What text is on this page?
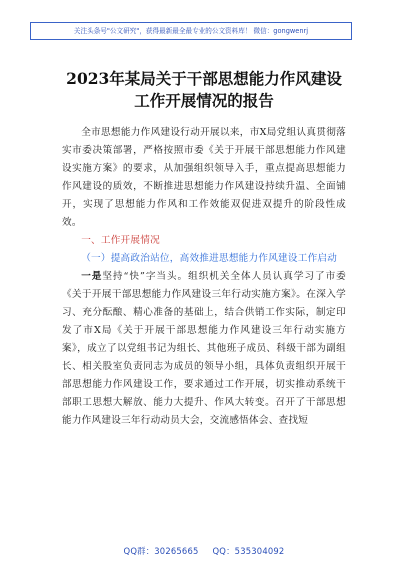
关注头条号"公文研究"，获得最新最全最专业的公文资料库！ 微信：gongwenrj
2023年某局关于干部思想能力作风建设
工作开展情况的报告

全市思想能力作风建设行动开展以来，市X局党组认真贯彻落实市委决策部署，严格按照市委《关于开展干部思想能力作风建设实施方案》的要求，从加强组织领导入手，重点提高思想能力作风建设的质效，不断推进思想能力作风建设持续升温、全面铺开，实现了思想能力作风和工作效能双促进双提升的阶段性成效。

一、工作开展情况

（一）提高政治站位，高效推进思想能力作风建设工作启动

一是坚持“快”字当头。组织机关全体人员认真学习了市委《关于开展干部思想能力作风建设三年行动实施方案》。在深入学习、充分酝酿、精心准备的基础上，结合供销工作实际，制定印发了市X局《关于开展干部思想能力作风建设三年行动实施方案》，成立了以党组书记为组长、其他班子成员、科级干部为副组长、相关股室负责同志为成员的领导小组，具体负责组织开展干部思想能力作风建设工作，要求通过工作开展，切实推动系统干部职工思想大解放、能力大提升、作风大转变。召开了干部思想能力作风建设三年行动动员大会，交流感悟体会、查找短

QQ群：30265665 QQ：535304092
